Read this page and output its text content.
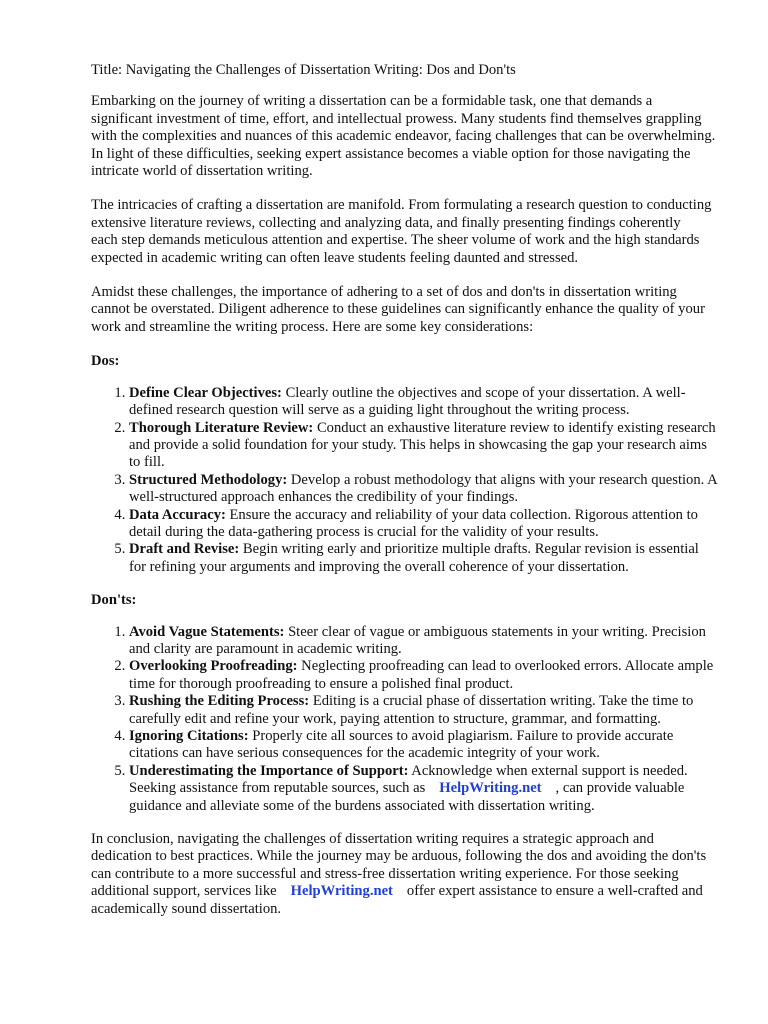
Title: Navigating the Challenges of Dissertation Writing: Dos and Don'ts

Embarking on the journey of writing a dissertation can be a formidable task, one that demands a significant investment of time, effort, and intellectual prowess. Many students find themselves grappling with the complexities and nuances of this academic endeavor, facing challenges that can be overwhelming. In light of these difficulties, seeking expert assistance becomes a viable option for those navigating the intricate world of dissertation writing.

The intricacies of crafting a dissertation are manifold. From formulating a research question to conducting extensive literature reviews, collecting and analyzing data, and finally presenting findings coherentlyeach step demands meticulous attention and expertise. The sheer volume of work and the high standards expected in academic writing can often leave students feeling daunted and stressed.

Amidst these challenges, the importance of adhering to a set of dos and don'ts in dissertation writing cannot be overstated. Diligent adherence to these guidelines can significantly enhance the quality of your work and streamline the writing process. Here are some key considerations:

Dos:

1. Define Clear Objectives: Clearly outline the objectives and scope of your dissertation. A well-defined research question will serve as a guiding light throughout the writing process.
2. Thorough Literature Review: Conduct an exhaustive literature review to identify existing research and provide a solid foundation for your study. This helps in showcasing the gap your research aims to fill.
3. Structured Methodology: Develop a robust methodology that aligns with your research question. A well-structured approach enhances the credibility of your findings.
4. Data Accuracy: Ensure the accuracy and reliability of your data collection. Rigorous attention to detail during the data-gathering process is crucial for the validity of your results.
5. Draft and Revise: Begin writing early and prioritize multiple drafts. Regular revision is essential for refining your arguments and improving the overall coherence of your dissertation.

Don'ts:

1. Avoid Vague Statements: Steer clear of vague or ambiguous statements in your writing. Precision and clarity are paramount in academic writing.
2. Overlooking Proofreading: Neglecting proofreading can lead to overlooked errors. Allocate ample time for thorough proofreading to ensure a polished final product.
3. Rushing the Editing Process: Editing is a crucial phase of dissertation writing. Take the time to carefully edit and refine your work, paying attention to structure, grammar, and formatting.
4. Ignoring Citations: Properly cite all sources to avoid plagiarism. Failure to provide accurate citations can have serious consequences for the academic integrity of your work.
5. Underestimating the Importance of Support: Acknowledge when external support is needed. Seeking assistance from reputable sources, such as HelpWriting.net , can provide valuable guidance and alleviate some of the burdens associated with dissertation writing.

In conclusion, navigating the challenges of dissertation writing requires a strategic approach and dedication to best practices. While the journey may be arduous, following the dos and avoiding the don'ts can contribute to a more successful and stress-free dissertation writing experience. For those seeking additional support, services like HelpWriting.net offer expert assistance to ensure a well-crafted and academically sound dissertation.
